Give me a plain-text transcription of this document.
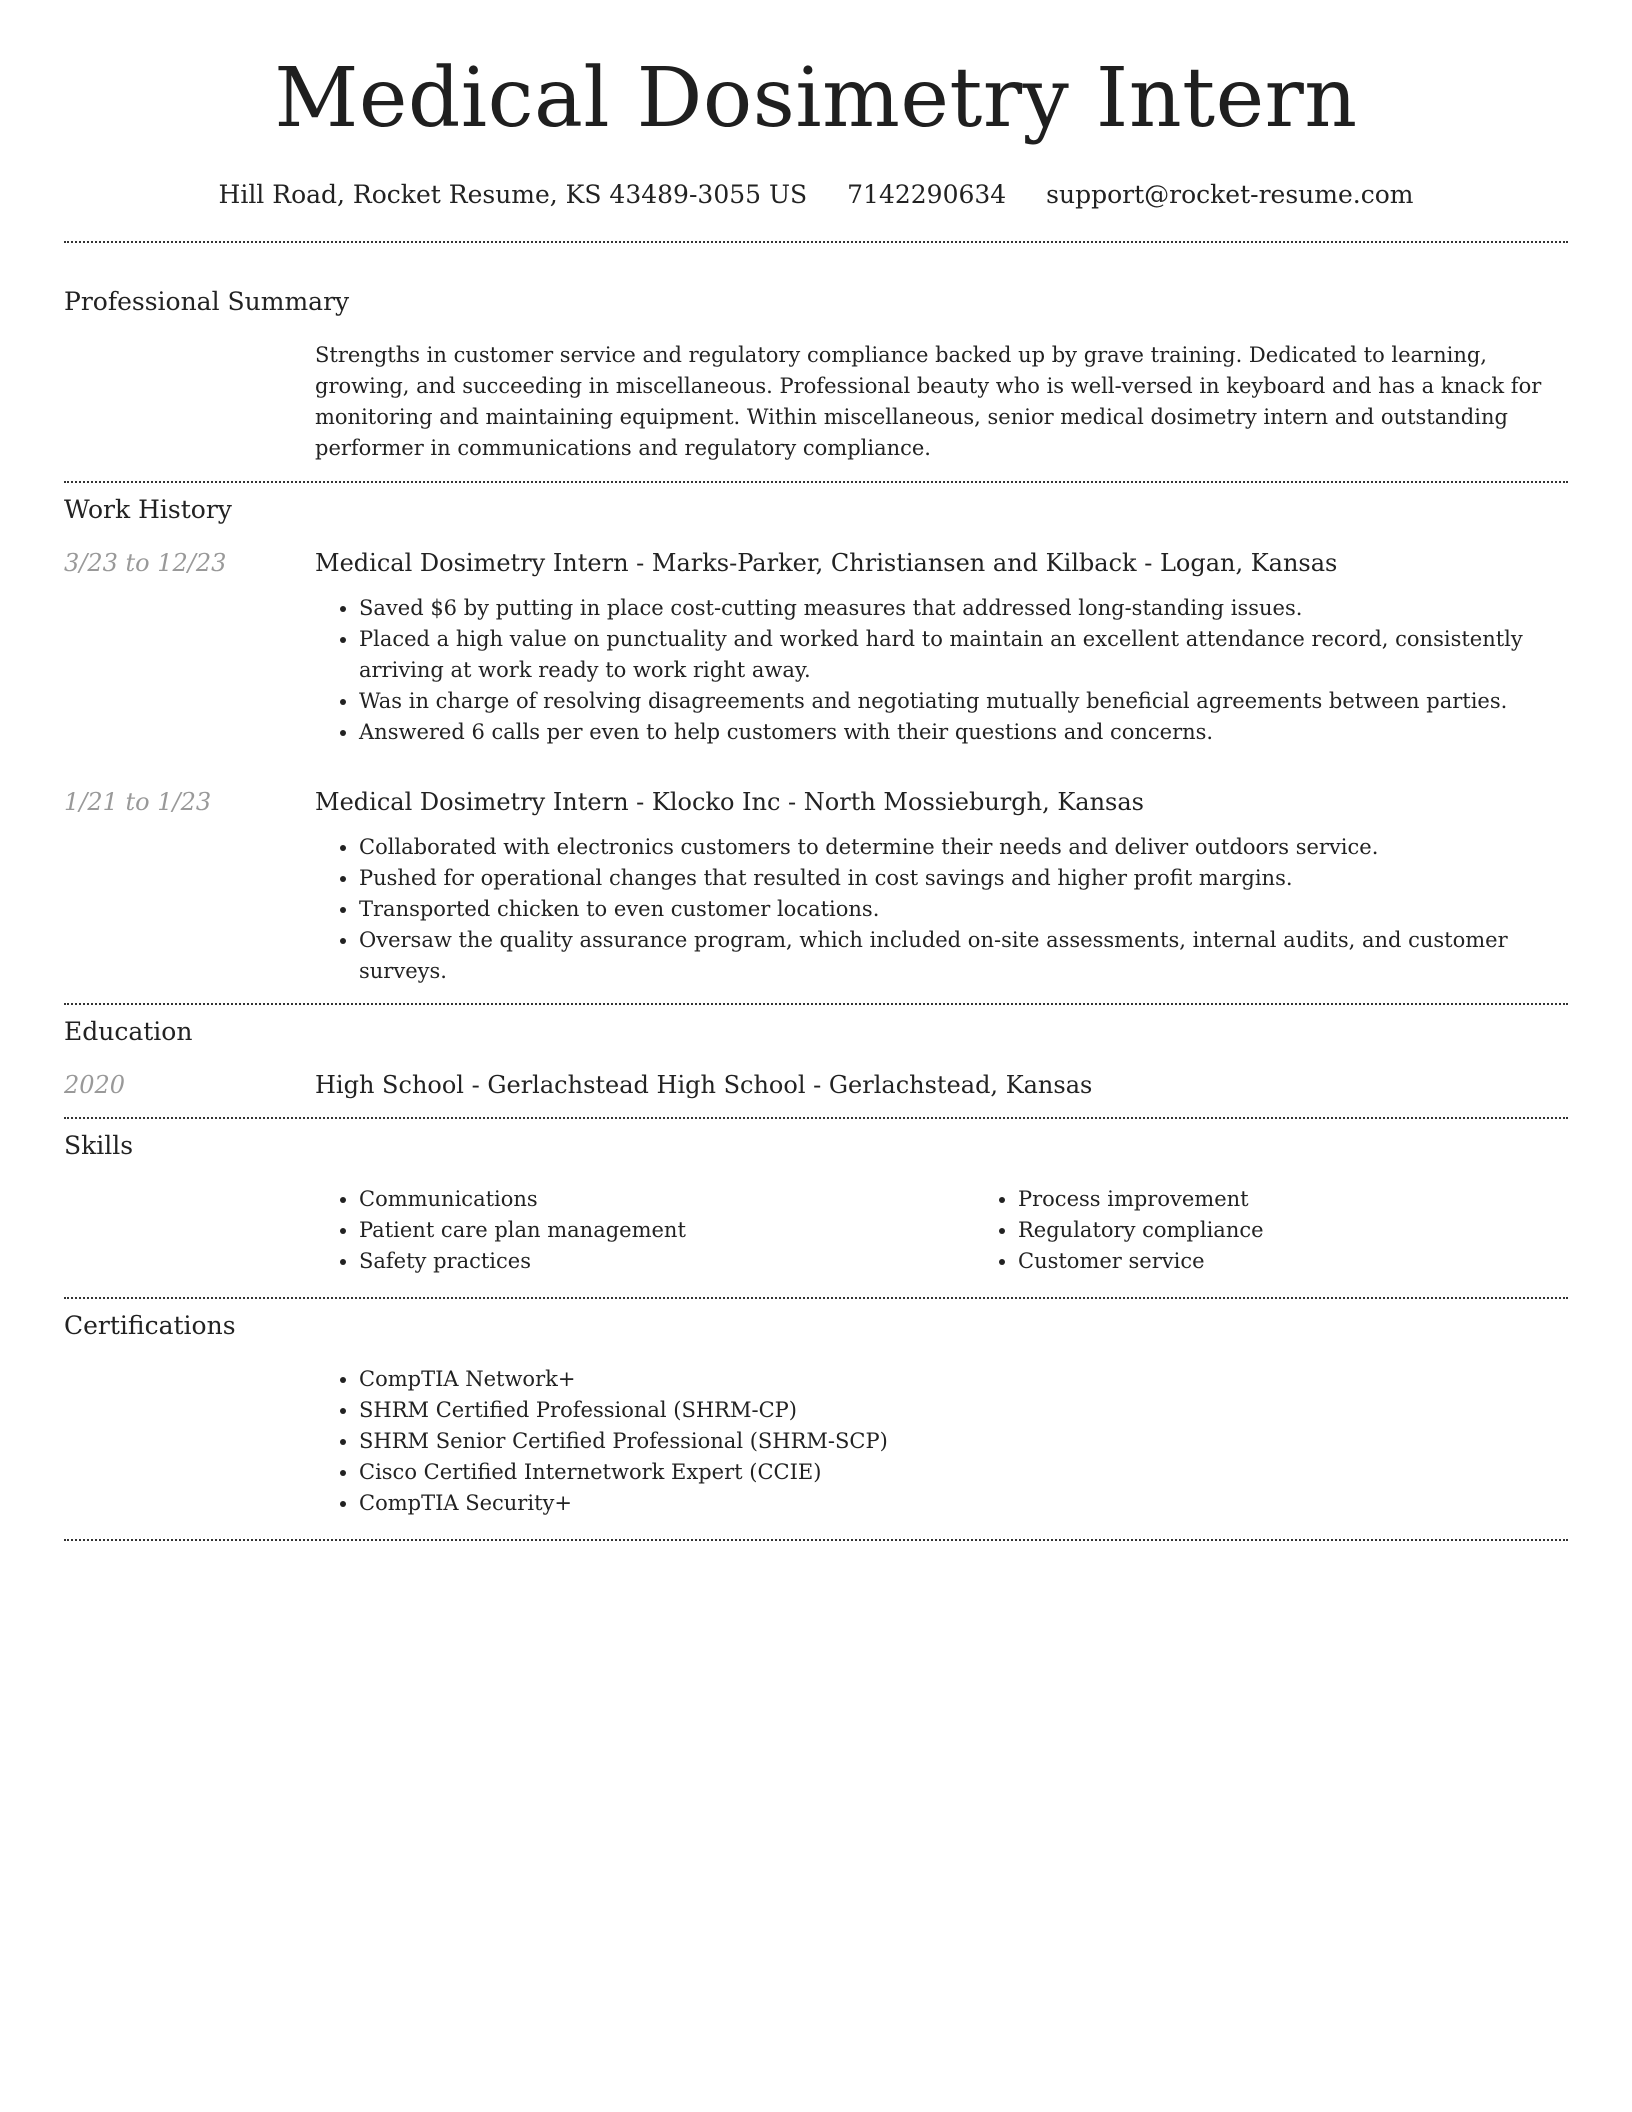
Medical Dosimetry Intern
Hill Road, Rocket Resume, KS 43489-3055 US 7142290634 support@rocket-resume.com
Professional Summary

Strengths in customer service and regulatory compliance backed up by grave training. Dedicated to learning, growing, and succeeding in miscellaneous. Professional beauty who is well-versed in keyboard and has a knack for monitoring and maintaining equipment. Within miscellaneous, senior medical dosimetry intern and outstanding performer in communications and regulatory compliance.

Work History
3/23 to 12/23	Medical Dosimetry Intern - Marks-Parker, Christiansen and Kilback - Logan, Kansas
• Saved $6 by putting in place cost-cutting measures that addressed long-standing issues.
• Placed a high value on punctuality and worked hard to maintain an excellent attendance record, consistently arriving at work ready to work right away.
• Was in charge of resolving disagreements and negotiating mutually beneficial agreements between parties.
• Answered 6 calls per even to help customers with their questions and concerns.
1/21 to 1/23	Medical Dosimetry Intern - Klocko Inc - North Mossieburgh, Kansas
• Collaborated with electronics customers to determine their needs and deliver outdoors service.
• Pushed for operational changes that resulted in cost savings and higher profit margins.
• Transported chicken to even customer locations.
• Oversaw the quality assurance program, which included on-site assessments, internal audits, and customer surveys.
Education
2020	High School - Gerlachstead High School - Gerlachstead, Kansas
Skills
• Communications
• Patient care plan management
• Safety practices
• Process improvement
• Regulatory compliance
• Customer service
Certifications
• CompTIA Network+
• SHRM Certified Professional (SHRM-CP)
• SHRM Senior Certified Professional (SHRM-SCP)
• Cisco Certified Internetwork Expert (CCIE)
• CompTIA Security+
